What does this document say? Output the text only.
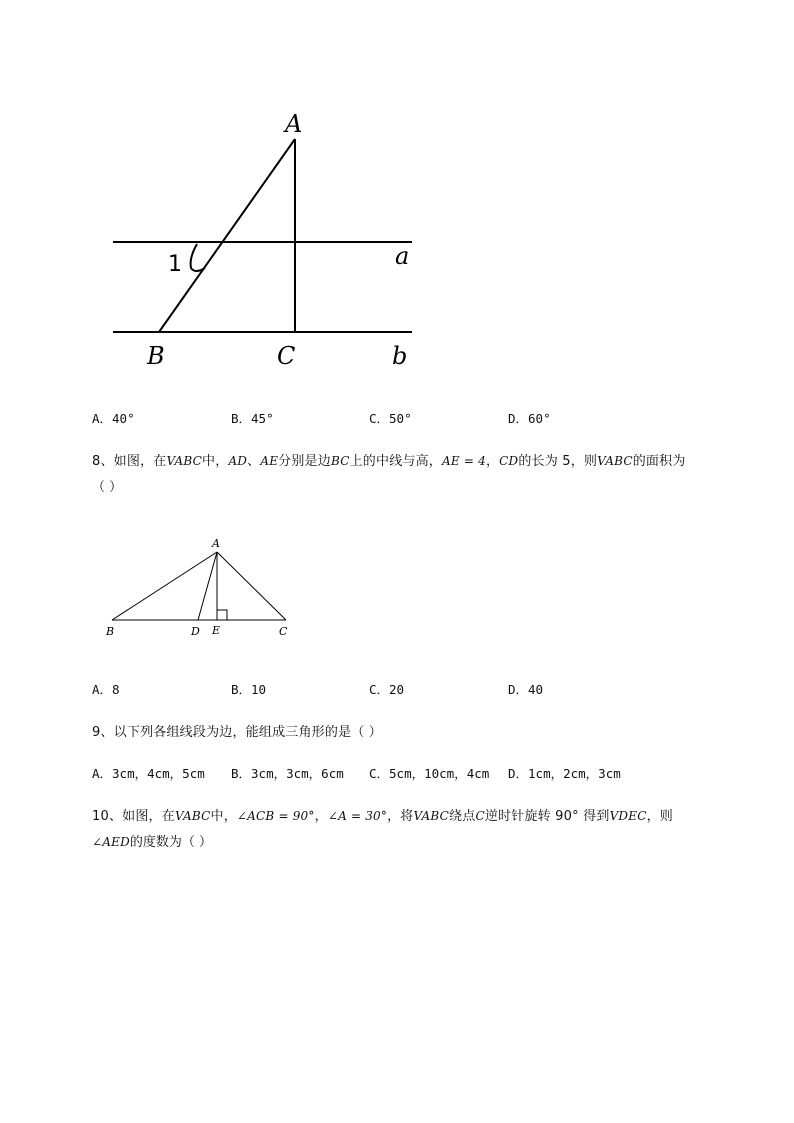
A
B	C
a
b
1
A．40°	B．45°	C．50°	D．60°
8、如图，在VABC中，AD、AE分别是边BC上的中线与高，AE = 4，CD的长为 5，则VABC的面积为
（ ）
A
B	D E	C
A．8	B．10	C．20	D．40
9、以下列各组线段为边，能组成三角形的是（ ）
A．3cm，4cm，5cm B．3cm，3cm，6cm C．5cm，10cm，4cm D．1cm，2cm，3cm
10、如图，在VABC中，∠ACB = 90°，∠A = 30°，将VABC绕点C逆时针旋转 90° 得到VDEC，则
∠AED的度数为（ ）
